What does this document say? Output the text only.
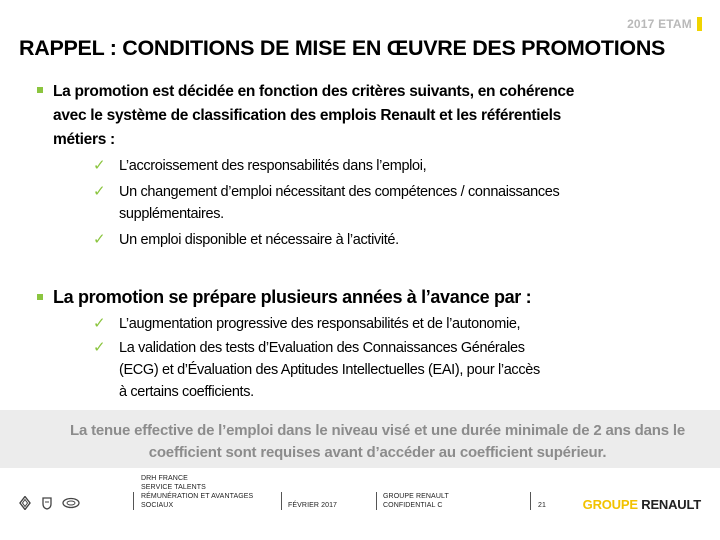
2017 ETAM
RAPPEL : CONDITIONS DE MISE EN ŒUVRE DES PROMOTIONS
La promotion est décidée en fonction des critères suivants, en cohérence
avec le système de classification des emplois Renault et les référentiels
métiers :
✓ L’accroissement des responsabilités dans l’emploi,
✓ Un changement d’emploi nécessitant des compétences / connaissances
supplémentaires.
✓ Un emploi disponible et nécessaire à l’activité.
La promotion se prépare plusieurs années à l’avance par :
✓ L’augmentation progressive des responsabilités et de l’autonomie,
✓ La validation des tests d’Evaluation des Connaissances Générales
(ECG) et d’Évaluation des Aptitudes Intellectuelles (EAI), pour l’accès
à certains coefficients.
La tenue effective de l’emploi dans le niveau visé et une durée minimale de 2 ans dans le
coefficient sont requises avant d’accéder au coefficient supérieur.
DRH FRANCE
SERVICE TALENTS
RÉMUNÉRATION ET AVANTAGES
SOCIAUX	FÉVRIER 2017
GROUPE RENAULT
CONFIDENTIAL C	21	GROUPE RENAULT
